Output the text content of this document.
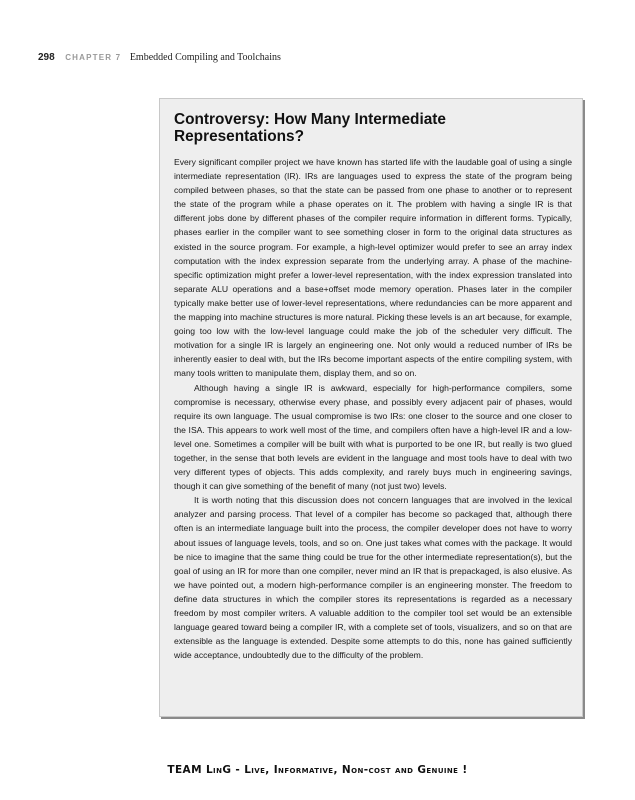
298 CHAPTER 7 Embedded Compiling and Toolchains
Controversy: How Many Intermediate Representations?

Every significant compiler project we have known has started life with the laudable goal of using a single intermediate representation (IR). IRs are languages used to express the state of the program being compiled between phases, so that the state can be passed from one phase to another or to represent the state of the program while a phase operates on it. The problem with having a single IR is that different jobs done by different phases of the compiler require information in different forms. Typically, phases earlier in the compiler want to see something closer in form to the original data structures as existed in the source program. For example, a high-level optimizer would prefer to see an array index computation with the index expression separate from the underlying array. A phase of the machine-specific optimization might prefer a lower-level representation, with the index expression translated into separate ALU operations and a base+offset mode memory operation. Phases later in the compiler typically make better use of lower-level representations, where redundancies can be more apparent and the mapping into machine structures is more natural. Picking these levels is an art because, for example, going too low with the low-level language could make the job of the scheduler very difficult. The motivation for a single IR is largely an engineering one. Not only would a reduced number of IRs be inherently easier to deal with, but the IRs become important aspects of the entire compiling system, with many tools written to manipulate them, display them, and so on.

Although having a single IR is awkward, especially for high-performance compilers, some compromise is necessary, otherwise every phase, and possibly every adjacent pair of phases, would require its own language. The usual compromise is two IRs: one closer to the source and one closer to the ISA. This appears to work well most of the time, and compilers often have a high-level IR and a low-level one. Sometimes a compiler will be built with what is purported to be one IR, but really is two glued together, in the sense that both levels are evident in the language and most tools have to deal with two very different types of objects. This adds complexity, and rarely buys much in engineering savings, though it can give something of the benefit of many (not just two) levels.

It is worth noting that this discussion does not concern languages that are involved in the lexical analyzer and parsing process. That level of a compiler has become so packaged that, although there often is an intermediate language built into the process, the compiler developer does not have to worry about issues of language levels, tools, and so on. One just takes what comes with the package. It would be nice to imagine that the same thing could be true for the other intermediate representation(s), but the goal of using an IR for more than one compiler, never mind an IR that is prepackaged, is also elusive. As we have pointed out, a modern high-performance compiler is an engineering monster. The freedom to define data structures in which the compiler stores its representations is regarded as a necessary freedom by most compiler writers. A valuable addition to the compiler tool set would be an extensible language geared toward being a compiler IR, with a complete set of tools, visualizers, and so on that are extensible as the language is extended. Despite some attempts to do this, none has gained sufficiently wide acceptance, undoubtedly due to the difficulty of the problem.

TEAM LinG - Live, Informative, Non-cost and Genuine !
